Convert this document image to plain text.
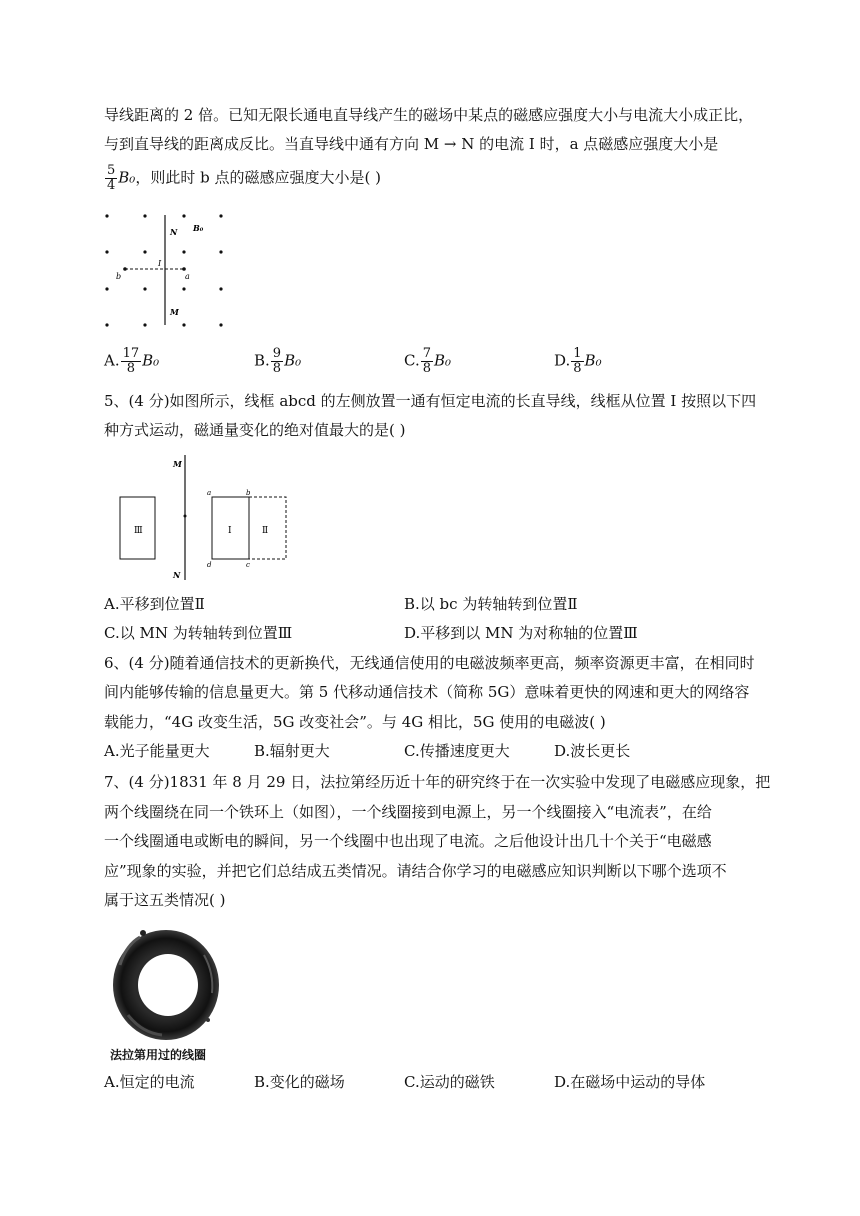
导线距离的 2 倍。已知无限长通电直导线产生的磁场中某点的磁感应强度大小与电流大小成正比，
与到直导线的距离成反比。当直导线中通有方向 M → N 的电流 I 时，a 点磁感应强度大小是
$\frac{5}{4} B_0$，则此时 b 点的磁感应强度大小是( )
N B₀
I
b	a
M
A. $\frac{17}{8} B_0$	B. $\frac{9}{8} B_0$	C. $\frac{7}{8} B_0$	D. $\frac{1}{8} B_0$
5、(4 分)如图所示，线框 abcd 的左侧放置一通有恒定电流的长直导线，线框从位置 Ⅰ 按照以下四
种方式运动，磁通量变化的绝对值最大的是( )
Ⅲ
M
N
Ⅰ	Ⅱ
a	b
d	c
A.平移到位置Ⅱ	B.以 bc 为转轴转到位置Ⅱ
C.以 MN 为转轴转到位置Ⅲ	D.平移到以 MN 为对称轴的位置Ⅲ
6、(4 分)随着通信技术的更新换代，无线通信使用的电磁波频率更高，频率资源更丰富，在相同时
间内能够传输的信息量更大。第 5 代移动通信技术（简称 5G）意味着更快的网速和更大的网络容
载能力，“4G 改变生活，5G 改变社会”。与 4G 相比，5G 使用的电磁波( )
A.光子能量更大	B.辐射更大	C.传播速度更大	D.波长更长
7、(4 分)1831 年 8 月 29 日，法拉第经历近十年的研究终于在一次实验中发现了电磁感应现象，把
两个线圈绕在同一个铁环上（如图），一个线圈接到电源上，另一个线圈接入“电流表”，在给
一个线圈通电或断电的瞬间，另一个线圈中也出现了电流。之后他设计出几十个关于“电磁感
应”现象的实验，并把它们总结成五类情况。请结合你学习的电磁感应知识判断以下哪个选项不
属于这五类情况( )
法拉第用过的线圈
A.恒定的电流	B.变化的磁场	C.运动的磁铁	D.在磁场中运动的导体
